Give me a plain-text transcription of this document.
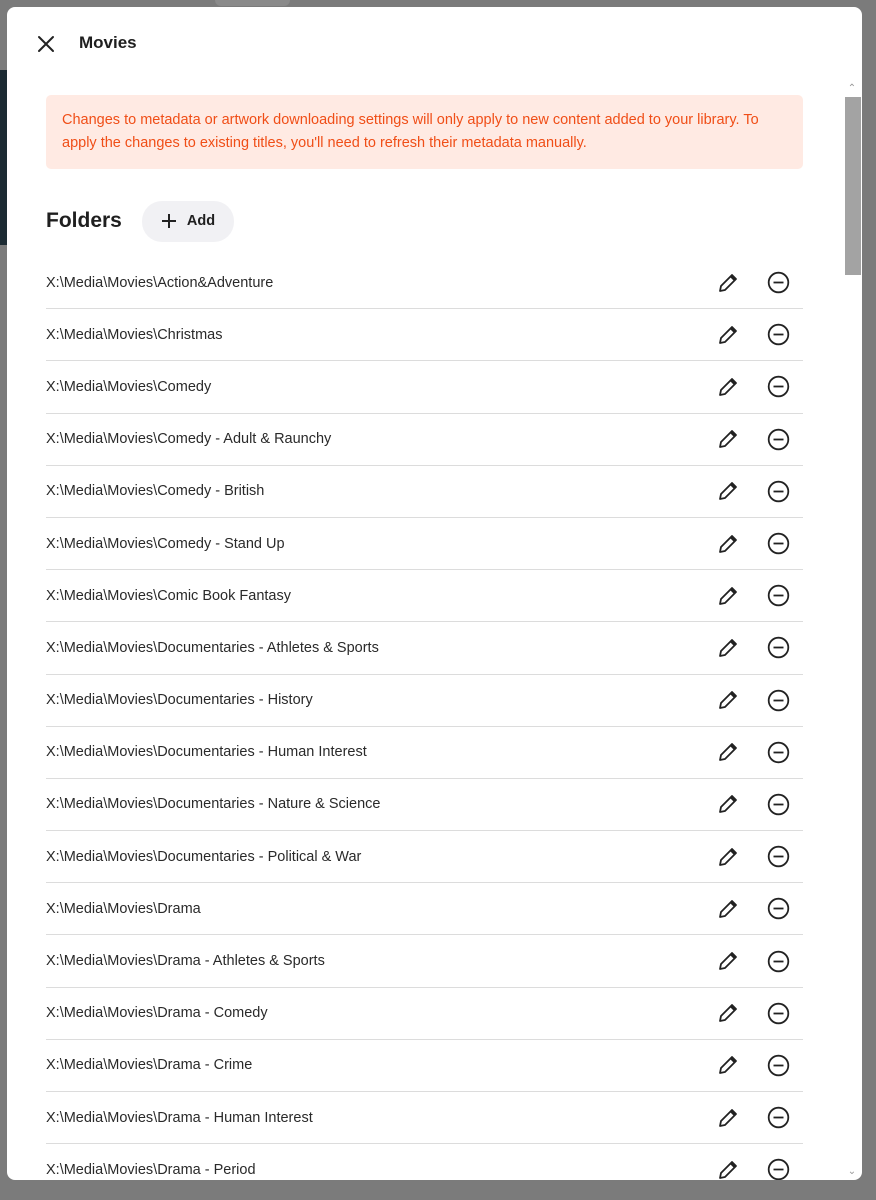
Movies
Changes to metadata or artwork downloading settings will only apply to new content added to your library. To apply the changes to existing titles, you'll need to refresh their metadata manually.
Folders	Add
X:\Media\Movies\Action&Adventure
X:\Media\Movies\Christmas
X:\Media\Movies\Comedy
X:\Media\Movies\Comedy - Adult & Raunchy
X:\Media\Movies\Comedy - British
X:\Media\Movies\Comedy - Stand Up
X:\Media\Movies\Comic Book Fantasy
X:\Media\Movies\Documentaries - Athletes & Sports
X:\Media\Movies\Documentaries - History
X:\Media\Movies\Documentaries - Human Interest
X:\Media\Movies\Documentaries - Nature & Science
X:\Media\Movies\Documentaries - Political & War
X:\Media\Movies\Drama
X:\Media\Movies\Drama - Athletes & Sports
X:\Media\Movies\Drama - Comedy
X:\Media\Movies\Drama - Crime
X:\Media\Movies\Drama - Human Interest
X:\Media\Movies\Drama - Period
⌃
⌄
